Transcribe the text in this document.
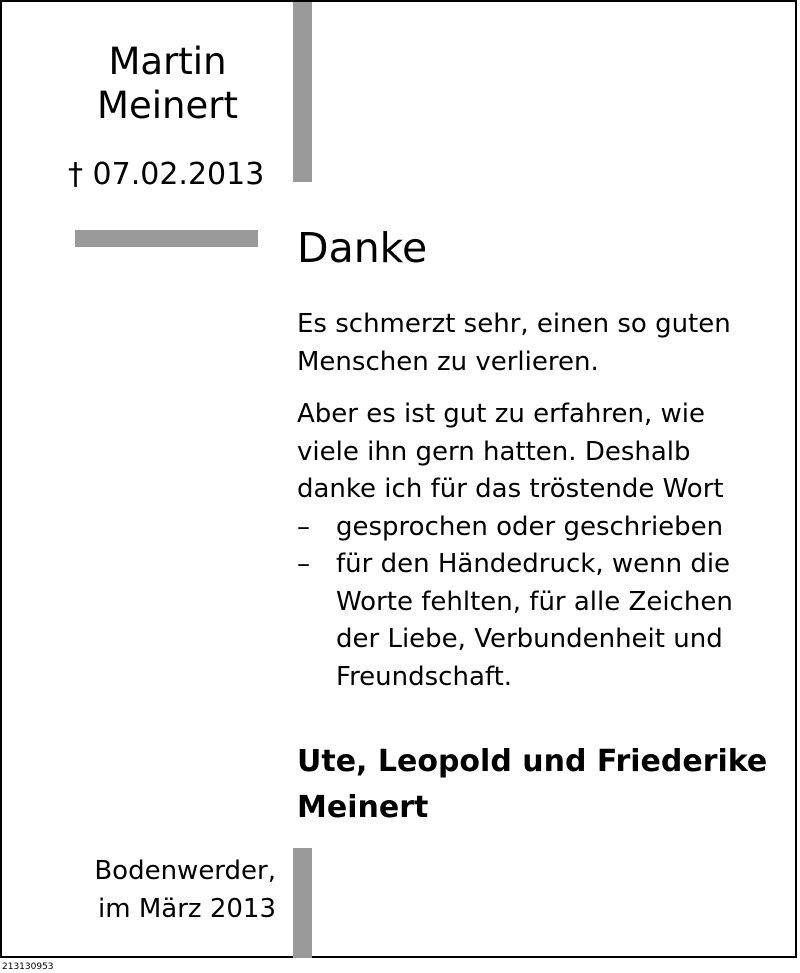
Martin
Meinert
† 07.02.2013
Danke

Es schmerzt sehr, einen so guten
Menschen zu verlieren.

Aber es ist gut zu erfahren, wie
viele ihn gern hatten. Deshalb
danke ich für das tröstende Wort

–	gesprochen oder geschrieben
–	für den Händedruck, wenn die
Worte fehlten, für alle Zeichen
der Liebe, Verbundenheit und
Freundschaft.
Ute, Leopold und Friederike
Meinert
Bodenwerder,
im März 2013
213130953
